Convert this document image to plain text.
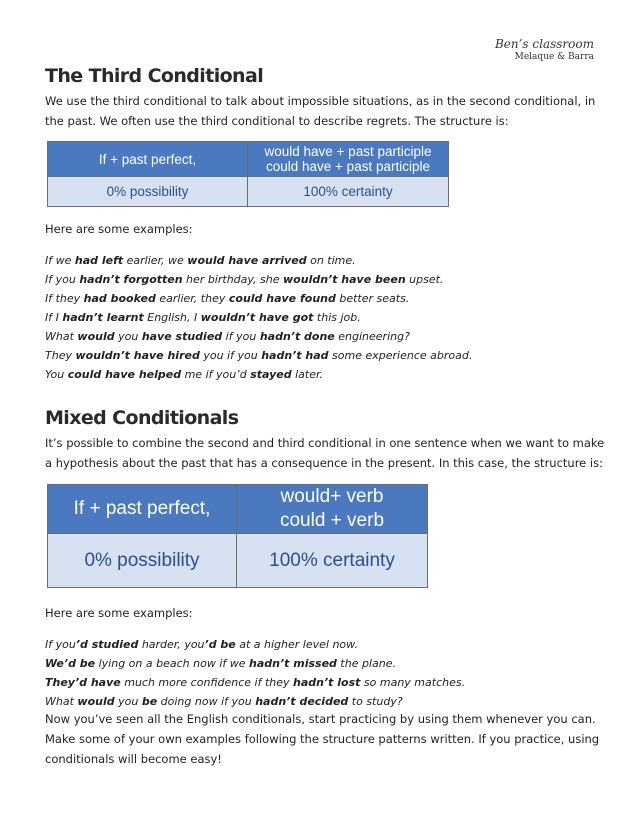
Ben’s classroom
Melaque & Barra
The Third Conditional

We use the third conditional to talk about impossible situations, as in the second conditional, in the past. We often use the third conditional to describe regrets. The structure is:

If + past perfect,	would have + past participle
could have + past participle

0% possibility	100% certainty

Here are some examples:

If we had left earlier, we would have arrived on time.
If you hadn’t forgotten her birthday, she wouldn’t have been upset.
If they had booked earlier, they could have found better seats.
If I hadn’t learnt English, I wouldn’t have got this job.
What would you have studied if you hadn’t done engineering?
They wouldn’t have hired you if you hadn’t had some experience abroad.
You could have helped me if you’d stayed later.
Mixed Conditionals

It’s possible to combine the second and third conditional in one sentence when we want to make a hypothesis about the past that has a consequence in the present. In this case, the structure is:

If + past perfect,	would+ verb
could + verb

0% possibility	100% certainty

Here are some examples:

If you’d studied harder, you’d be at a higher level now.
We’d be lying on a beach now if we hadn’t missed the plane.
They’d have much more confidence if they hadn’t lost so many matches.
What would you be doing now if you hadn’t decided to study?

Now you’ve seen all the English conditionals, start practicing by using them whenever you can. Make some of your own examples following the structure patterns written. If you practice, using conditionals will become easy!
